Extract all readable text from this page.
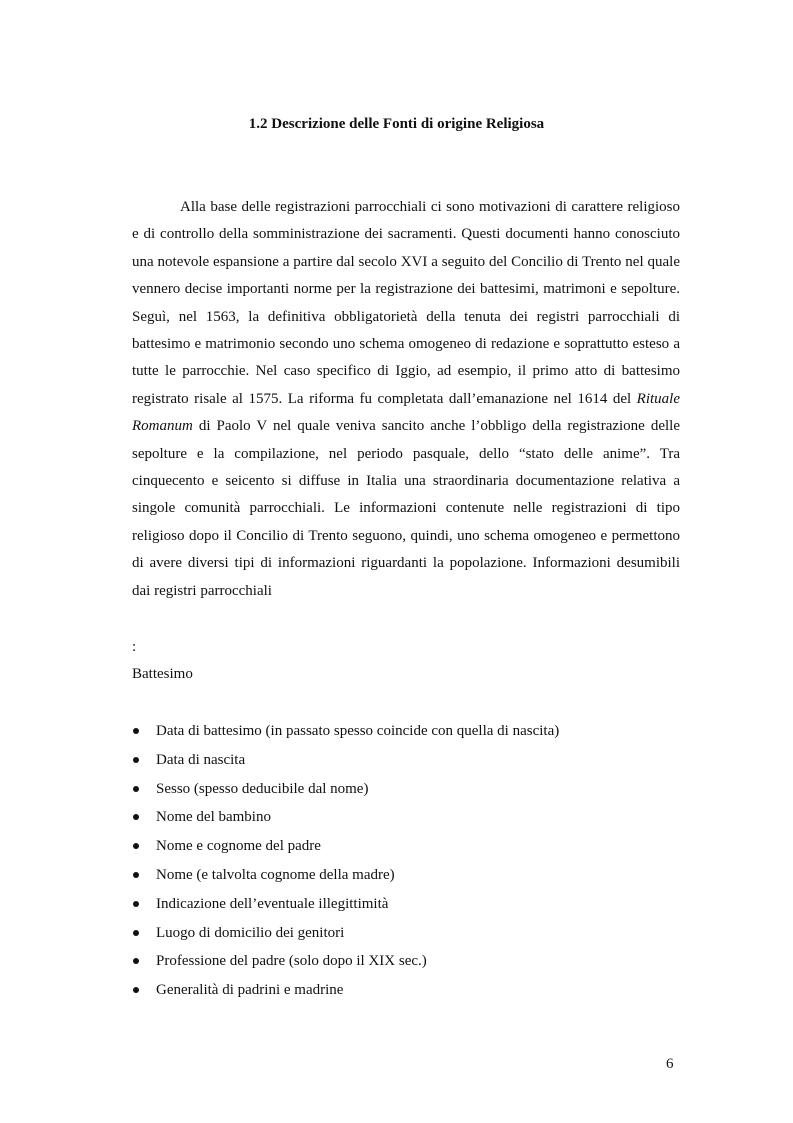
1.2 Descrizione delle Fonti di origine Religiosa

Alla base delle registrazioni parrocchiali ci sono motivazioni di carattere religioso e di controllo della somministrazione dei sacramenti. Questi documenti hanno conosciuto una notevole espansione a partire dal secolo XVI a seguito del Concilio di Trento nel quale vennero decise importanti norme per la registrazione dei battesimi, matrimoni e sepolture. Seguì, nel 1563, la definitiva obbligatorietà della tenuta dei registri parrocchiali di battesimo e matrimonio secondo uno schema omogeneo di redazione e soprattutto esteso a tutte le parrocchie. Nel caso specifico di Iggio, ad esempio, il primo atto di battesimo registrato risale al 1575. La riforma fu completata dall’emanazione nel 1614 del Rituale Romanum di Paolo V nel quale veniva sancito anche l’obbligo della registrazione delle sepolture e la compilazione, nel periodo pasquale, dello “stato delle anime”. Tra cinquecento e seicento si diffuse in Italia una straordinaria documentazione relativa a singole comunità parrocchiali. Le informazioni contenute nelle registrazioni di tipo religioso dopo il Concilio di Trento seguono, quindi, uno schema omogeneo e permettono di avere diversi tipi di informazioni riguardanti la popolazione. Informazioni desumibili dai registri parrocchiali

:
Battesimo
Data di battesimo (in passato spesso coincide con quella di nascita)
Data di nascita
Sesso (spesso deducibile dal nome)
Nome del bambino
Nome e cognome del padre
Nome (e talvolta cognome della madre)
Indicazione dell’eventuale illegittimità
Luogo di domicilio dei genitori
Professione del padre (solo dopo il XIX sec.)
Generalità di padrini e madrine
6
